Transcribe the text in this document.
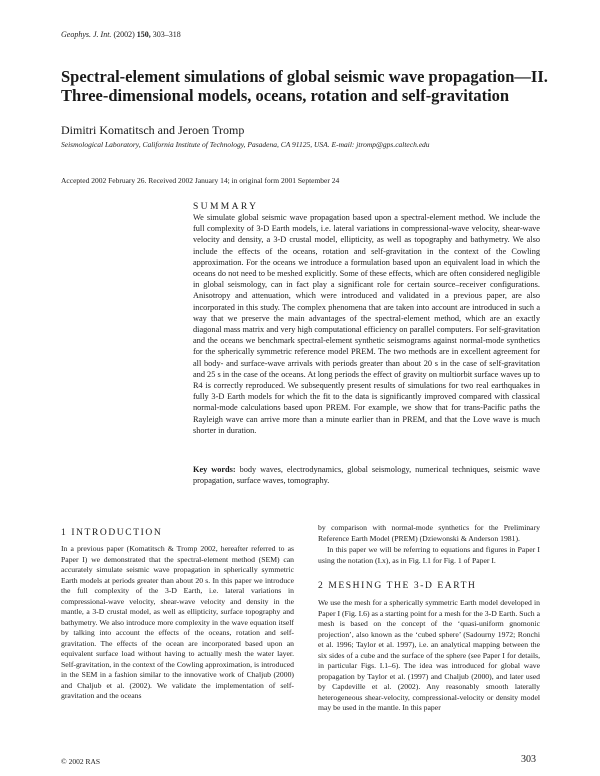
Geophys. J. Int. (2002) 150, 303–318
Spectral-element simulations of global seismic wave propagation—II. Three-dimensional models, oceans, rotation and self-gravitation
Dimitri Komatitsch and Jeroen Tromp
Seismological Laboratory, California Institute of Technology, Pasadena, CA 91125, USA. E-mail: jtromp@gps.caltech.edu
Accepted 2002 February 26. Received 2002 January 14; in original form 2001 September 24
SUMMARY
We simulate global seismic wave propagation based upon a spectral-element method. We include the full complexity of 3-D Earth models, i.e. lateral variations in compressional-wave velocity, shear-wave velocity and density, a 3-D crustal model, ellipticity, as well as topography and bathymetry. We also include the effects of the oceans, rotation and self-gravitation in the context of the Cowling approximation. For the oceans we introduce a formulation based upon an equivalent load in which the oceans do not need to be meshed explicitly. Some of these effects, which are often considered negligible in global seismology, can in fact play a significant role for certain source–receiver configurations. Anisotropy and attenuation, which were introduced and validated in a previous paper, are also incorporated in this study. The complex phenomena that are taken into account are introduced in such a way that we preserve the main advantages of the spectral-element method, which are an exactly diagonal mass matrix and very high computational efficiency on parallel computers. For self-gravitation and the oceans we benchmark spectral-element synthetic seismograms against normal-mode synthetics for the spherically symmetric reference model PREM. The two methods are in excellent agreement for all body- and surface-wave arrivals with periods greater than about 20 s in the case of self-gravitation and 25 s in the case of the oceans. At long periods the effect of gravity on multiorbit surface waves up to R4 is correctly reproduced. We subsequently present results of simulations for two real earthquakes in fully 3-D Earth models for which the fit to the data is significantly improved compared with classical normal-mode calculations based upon PREM. For example, we show that for trans-Pacific paths the Rayleigh wave can arrive more than a minute earlier than in PREM, and that the Love wave is much shorter in duration.
Key words: body waves, electrodynamics, global seismology, numerical techniques, seismic wave propagation, surface waves, tomography.
1 INTRODUCTION
In a previous paper (Komatitsch & Tromp 2002, hereafter referred to as Paper I) we demonstrated that the spectral-element method (SEM) can accurately simulate seismic wave propagation in spherically symmetric Earth models at periods greater than about 20 s. In this paper we introduce the full complexity of the 3-D Earth, i.e. lateral variations in compressional-wave velocity, shear-wave velocity and density in the mantle, a 3-D crustal model, as well as ellipticity, surface topography and bathymetry. We also introduce more complexity in the wave equation itself by talking into account the effects of the oceans, rotation and self-gravitation. The effects of the ocean are incorporated based upon an equivalent surface load without having to actually mesh the water layer. Self-gravitation, in the context of the Cowling approximation, is introduced in the SEM in a fashion similar to the innovative work of Chaljub (2000) and Chaljub et al. (2002). We validate the implementation of self-gravitation and the oceans
by comparison with normal-mode synthetics for the Preliminary Reference Earth Model (PREM) (Dziewonski & Anderson 1981).
In this paper we will be referring to equations and figures in Paper I using the notation (I.x), as in Fig. I.1 for Fig. 1 of Paper I.
2 MESHING THE 3-D EARTH
We use the mesh for a spherically symmetric Earth model developed in Paper I (Fig. I.6) as a starting point for a mesh for the 3-D Earth. Such a mesh is based on the concept of the ‘quasi-uniform gnomonic projection’, also known as the ‘cubed sphere’ (Sadourny 1972; Ronchi et al. 1996; Taylor et al. 1997), i.e. an analytical mapping between the six sides of a cube and the surface of the sphere (see Paper I for details, in particular Figs. I.1–6). The idea was introduced for global wave propagation by Taylor et al. (1997) and Chaljub (2000), and later used by Capdeville et al. (2002). Any reasonably smooth laterally heterogeneous shear-velocity, compressional-velocity or density model may be used in the mantle. In this paper
© 2002 RAS	303
